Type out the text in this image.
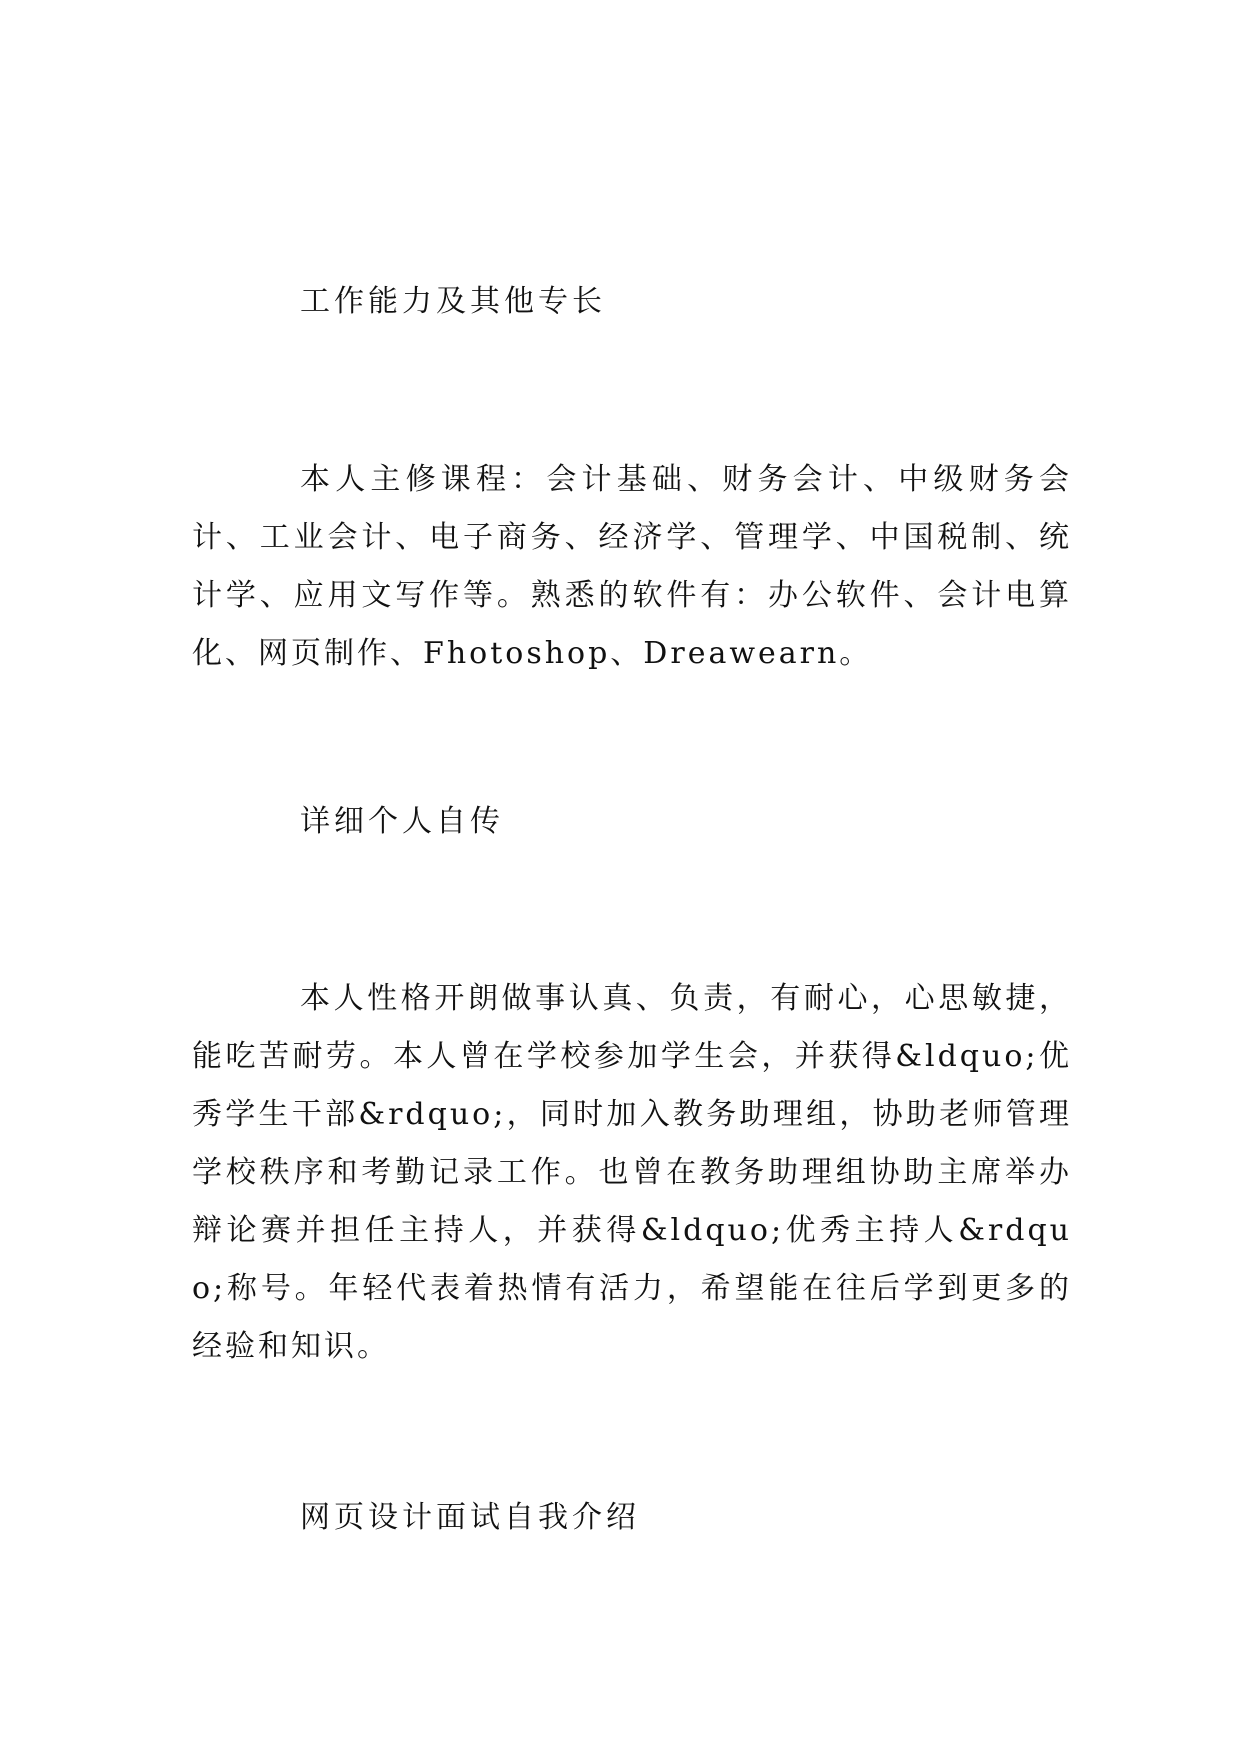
工作能力及其他专长
本人主修课程：会计基础、财务会计、中级财务会计、工业会计、电子商务、经济学、管理学、中国税制、统计学、应用文写作等。熟悉的软件有：办公软件、会计电算化、网页制作、Fhotoshop、Dreawearn。
详细个人自传
本人性格开朗做事认真、负责，有耐心，心思敏捷，能吃苦耐劳。本人曾在学校参加学生会，并获得&ldquo;优秀学生干部&rdquo;，同时加入教务助理组，协助老师管理学校秩序和考勤记录工作。也曾在教务助理组协助主席举办辩论赛并担任主持人，并获得&ldquo;优秀主持人&rdquo;称号。年轻代表着热情有活力，希望能在往后学到更多的经验和知识。
网页设计面试自我介绍
